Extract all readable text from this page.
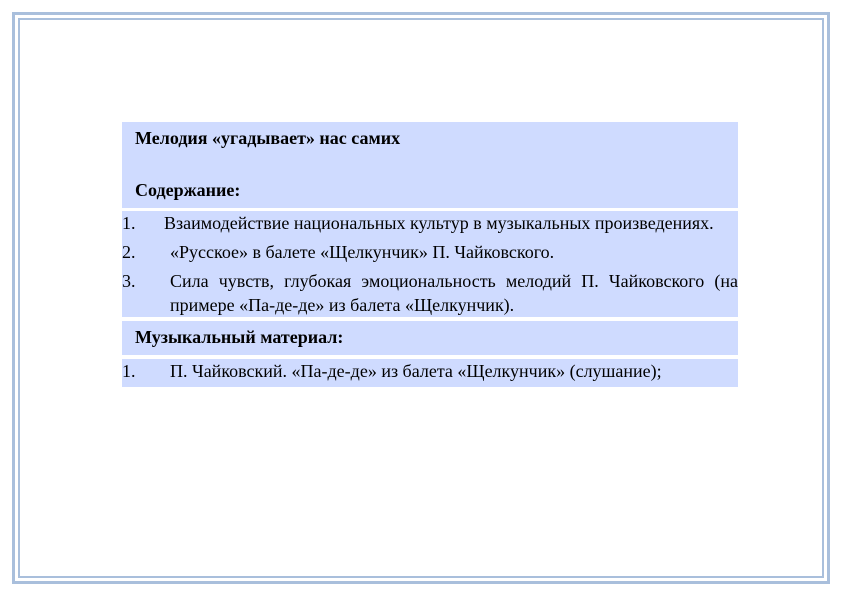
Мелодия «угадывает» нас самих
Содержание:
1.	Взаимодействие национальных культур в музыкальных произведениях.
2.	«Русское» в балете «Щелкунчик» П. Чайковского.
3.	Сила чувств, глубокая эмоциональность мелодий П. Чайковского (на примере «Па-де-де» из балета «Щелкунчик).
Музыкальный материал:
1.	П. Чайковский. «Па-де-де» из балета «Щелкунчик» (слушание);
